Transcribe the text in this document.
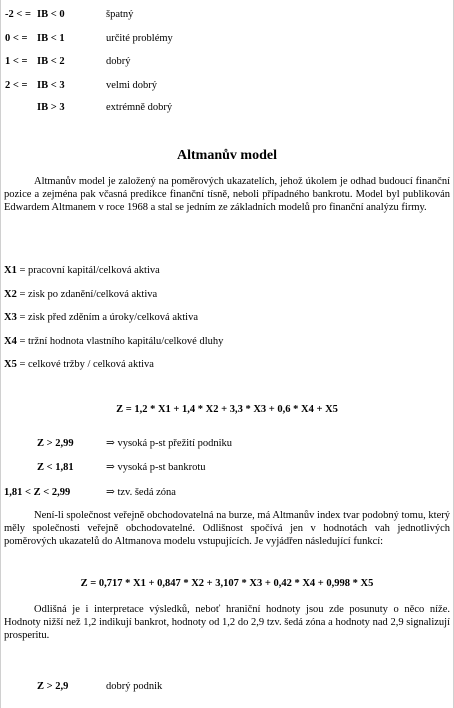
-2 < = IB < 0	špatný
0 < = IB < 1	určité problémy
1 < = IB < 2	dobrý
2 < = IB < 3	velmi dobrý
IB > 3	extrémně dobrý
Altmanův model

Altmanův model je založený na poměrových ukazatelích, jehož úkolem je odhad budoucí finanční pozice a zejména pak včasná predikce finanční tísně, neboli případného bankrotu. Model byl publikován Edwardem Altmanem v roce 1968 a stal se jedním ze základních modelů pro finanční analýzu firmy.

X1 = pracovní kapitál/celková aktiva
X2 = zisk po zdanění/celková aktiva
X3 = zisk před zděním a úroky/celková aktiva
X4 = tržní hodnota vlastního kapitálu/celkové dluhy
X5 = celkové tržby / celková aktiva
Z = 1,2 * X1 + 1,4 * X2 + 3,3 * X3 + 0,6 * X4 + X5
Z > 2,99	⇒ vysoká p-st přežití podniku
Z < 1,81	⇒ vysoká p-st bankrotu
1,81 < Z < 2,99	⇒ tzv. šedá zóna

Není-li společnost veřejně obchodovatelná na burze, má Altmanův index tvar podobný tomu, který měly společnosti veřejně obchodovatelné. Odlišnost spočívá jen v hodnotách vah jednotlivých poměrových ukazatelů do Altmanova modelu vstupujících. Je vyjádřen následující funkcí:

Z = 0,717 * X1 + 0,847 * X2 + 3,107 * X3 + 0,42 * X4 + 0,998 * X5

Odlišná je i interpretace výsledků, neboť hraniční hodnoty jsou zde posunuty o něco níže. Hodnoty nižší než 1,2 indikují bankrot, hodnoty od 1,2 do 2,9 tzv. šedá zóna a hodnoty nad 2,9 signalizují prosperitu.

Z > 2,9	dobrý podnik
